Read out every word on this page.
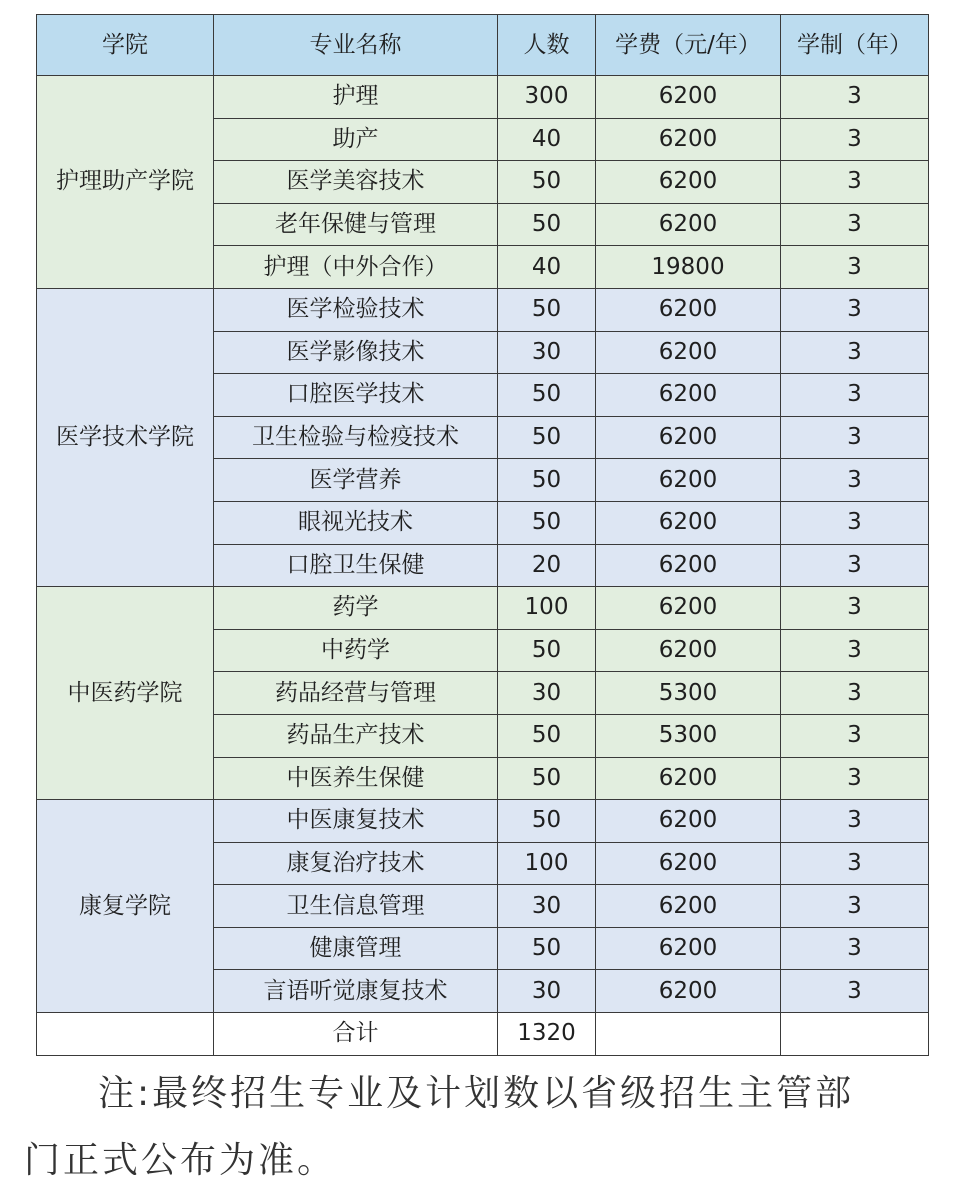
学院	专业名称	人数	学费（元/年）	学制（年）
护理助产学院	护理	300	6200	3
	助产	40	6200	3
	医学美容技术	50	6200	3
	老年保健与管理	50	6200	3
	护理（中外合作）	40	19800	3
医学技术学院	医学检验技术	50	6200	3
	医学影像技术	30	6200	3
	口腔医学技术	50	6200	3
	卫生检验与检疫技术	50	6200	3
	医学营养	50	6200	3
	眼视光技术	50	6200	3
	口腔卫生保健	20	6200	3
中医药学院	药学	100	6200	3
	中药学	50	6200	3
	药品经营与管理	30	5300	3
	药品生产技术	50	5300	3
	中医养生保健	50	6200	3
康复学院	中医康复技术	50	6200	3
	康复治疗技术	100	6200	3
	卫生信息管理	30	6200	3
	健康管理	50	6200	3
	言语听觉康复技术	30	6200	3
	合计	1320		
注:最终招生专业及计划数以省级招生主管部
门正式公布为准。
